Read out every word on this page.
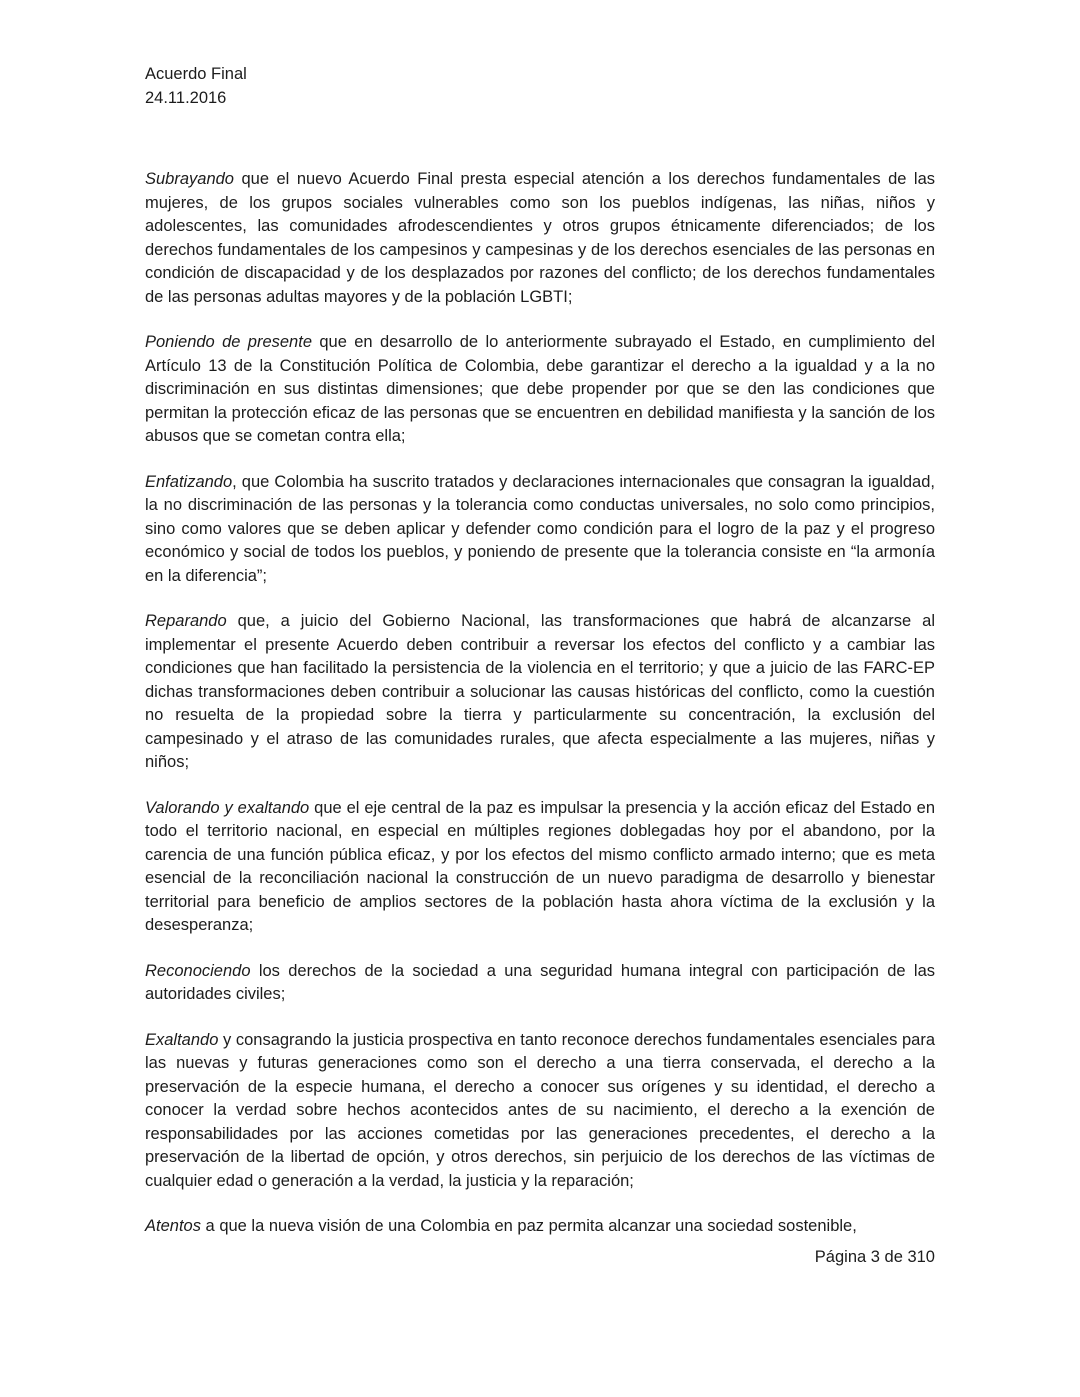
Acuerdo Final
24.11.2016

Subrayando que el nuevo Acuerdo Final presta especial atención a los derechos fundamentales de las mujeres, de los grupos sociales vulnerables como son los pueblos indígenas, las niñas, niños y adolescentes, las comunidades afrodescendientes y otros grupos étnicamente diferenciados; de los derechos fundamentales de los campesinos y campesinas y de los derechos esenciales de las personas en condición de discapacidad y de los desplazados por razones del conflicto; de los derechos fundamentales de las personas adultas mayores y de la población LGBTI;

Poniendo de presente que en desarrollo de lo anteriormente subrayado el Estado, en cumplimiento del Artículo 13 de la Constitución Política de Colombia, debe garantizar el derecho a la igualdad y a la no discriminación en sus distintas dimensiones; que debe propender por que se den las condiciones que permitan la protección eficaz de las personas que se encuentren en debilidad manifiesta y la sanción de los abusos que se cometan contra ella;

Enfatizando, que Colombia ha suscrito tratados y declaraciones internacionales que consagran la igualdad, la no discriminación de las personas y la tolerancia como conductas universales, no solo como principios, sino como valores que se deben aplicar y defender como condición para el logro de la paz y el progreso económico y social de todos los pueblos, y poniendo de presente que la tolerancia consiste en “la armonía en la diferencia”;

Reparando que, a juicio del Gobierno Nacional, las transformaciones que habrá de alcanzarse al implementar el presente Acuerdo deben contribuir a reversar los efectos del conflicto y a cambiar las condiciones que han facilitado la persistencia de la violencia en el territorio; y que a juicio de las FARC-EP dichas transformaciones deben contribuir a solucionar las causas históricas del conflicto, como la cuestión no resuelta de la propiedad sobre la tierra y particularmente su concentración, la exclusión del campesinado y el atraso de las comunidades rurales, que afecta especialmente a las mujeres, niñas y niños;

Valorando y exaltando que el eje central de la paz es impulsar la presencia y la acción eficaz del Estado en todo el territorio nacional, en especial en múltiples regiones doblegadas hoy por el abandono, por la carencia de una función pública eficaz, y por los efectos del mismo conflicto armado interno; que es meta esencial de la reconciliación nacional la construcción de un nuevo paradigma de desarrollo y bienestar territorial para beneficio de amplios sectores de la población hasta ahora víctima de la exclusión y la desesperanza;

Reconociendo los derechos de la sociedad a una seguridad humana integral con participación de las autoridades civiles;

Exaltando y consagrando la justicia prospectiva en tanto reconoce derechos fundamentales esenciales para las nuevas y futuras generaciones como son el derecho a una tierra conservada, el derecho a la preservación de la especie humana, el derecho a conocer sus orígenes y su identidad, el derecho a conocer la verdad sobre hechos acontecidos antes de su nacimiento, el derecho a la exención de responsabilidades por las acciones cometidas por las generaciones precedentes, el derecho a la preservación de la libertad de opción, y otros derechos, sin perjuicio de los derechos de las víctimas de cualquier edad o generación a la verdad, la justicia y la reparación;

Atentos a que la nueva visión de una Colombia en paz permita alcanzar una sociedad sostenible,

Página 3 de 310
